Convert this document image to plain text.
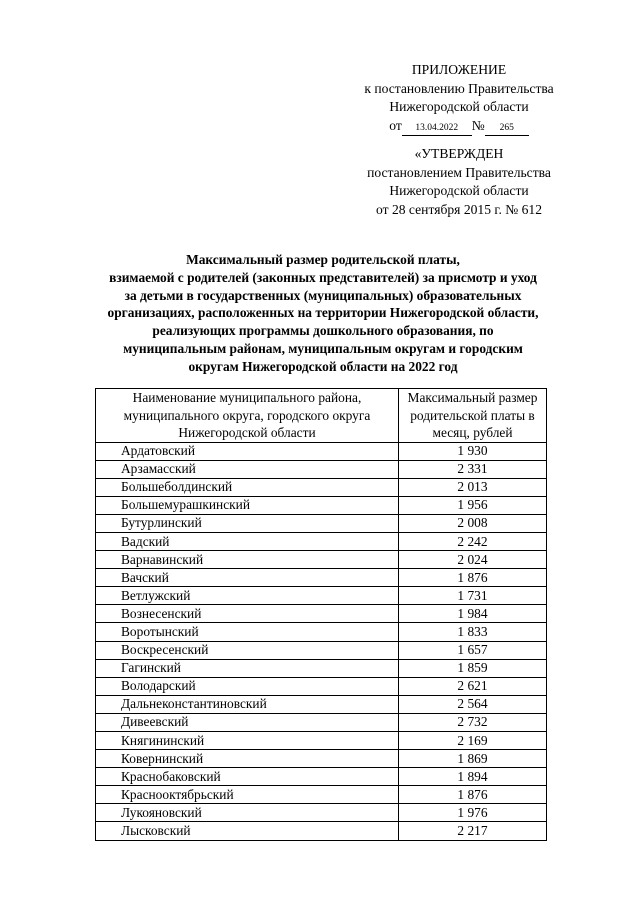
ПРИЛОЖЕНИЕ
к постановлению Правительства
Нижегородской области
от 13.04.2022 № 265
«УТВЕРЖДЕН
постановлением Правительства
Нижегородской области
от 28 сентября 2015 г. № 612
Максимальный размер родительской платы,
взимаемой с родителей (законных представителей) за присмотр и уход
за детьми в государственных (муниципальных) образовательных
организациях, расположенных на территории Нижегородской области,
реализующих программы дошкольного образования, по
муниципальным районам, муниципальным округам и городским
округам Нижегородской области на 2022 год
Наименование муниципального района,
муниципального округа, городского округа
Нижегородской области	Максимальный размер
родительской платы в
месяц, рублей

Ардатовский	1 930
Арзамасский	2 331
Большеболдинский	2 013
Большемурашкинский	1 956
Бутурлинский	2 008
Вадский	2 242
Варнавинский	2 024
Вачский	1 876
Ветлужский	1 731
Вознесенский	1 984
Воротынский	1 833
Воскресенский	1 657
Гагинский	1 859
Володарский	2 621
Дальнеконстантиновский	2 564
Дивеевский	2 732
Княгининский	2 169
Ковернинский	1 869
Краснобаковский	1 894
Краснооктябрьский	1 876
Лукояновский	1 976
Лысковский	2 217
